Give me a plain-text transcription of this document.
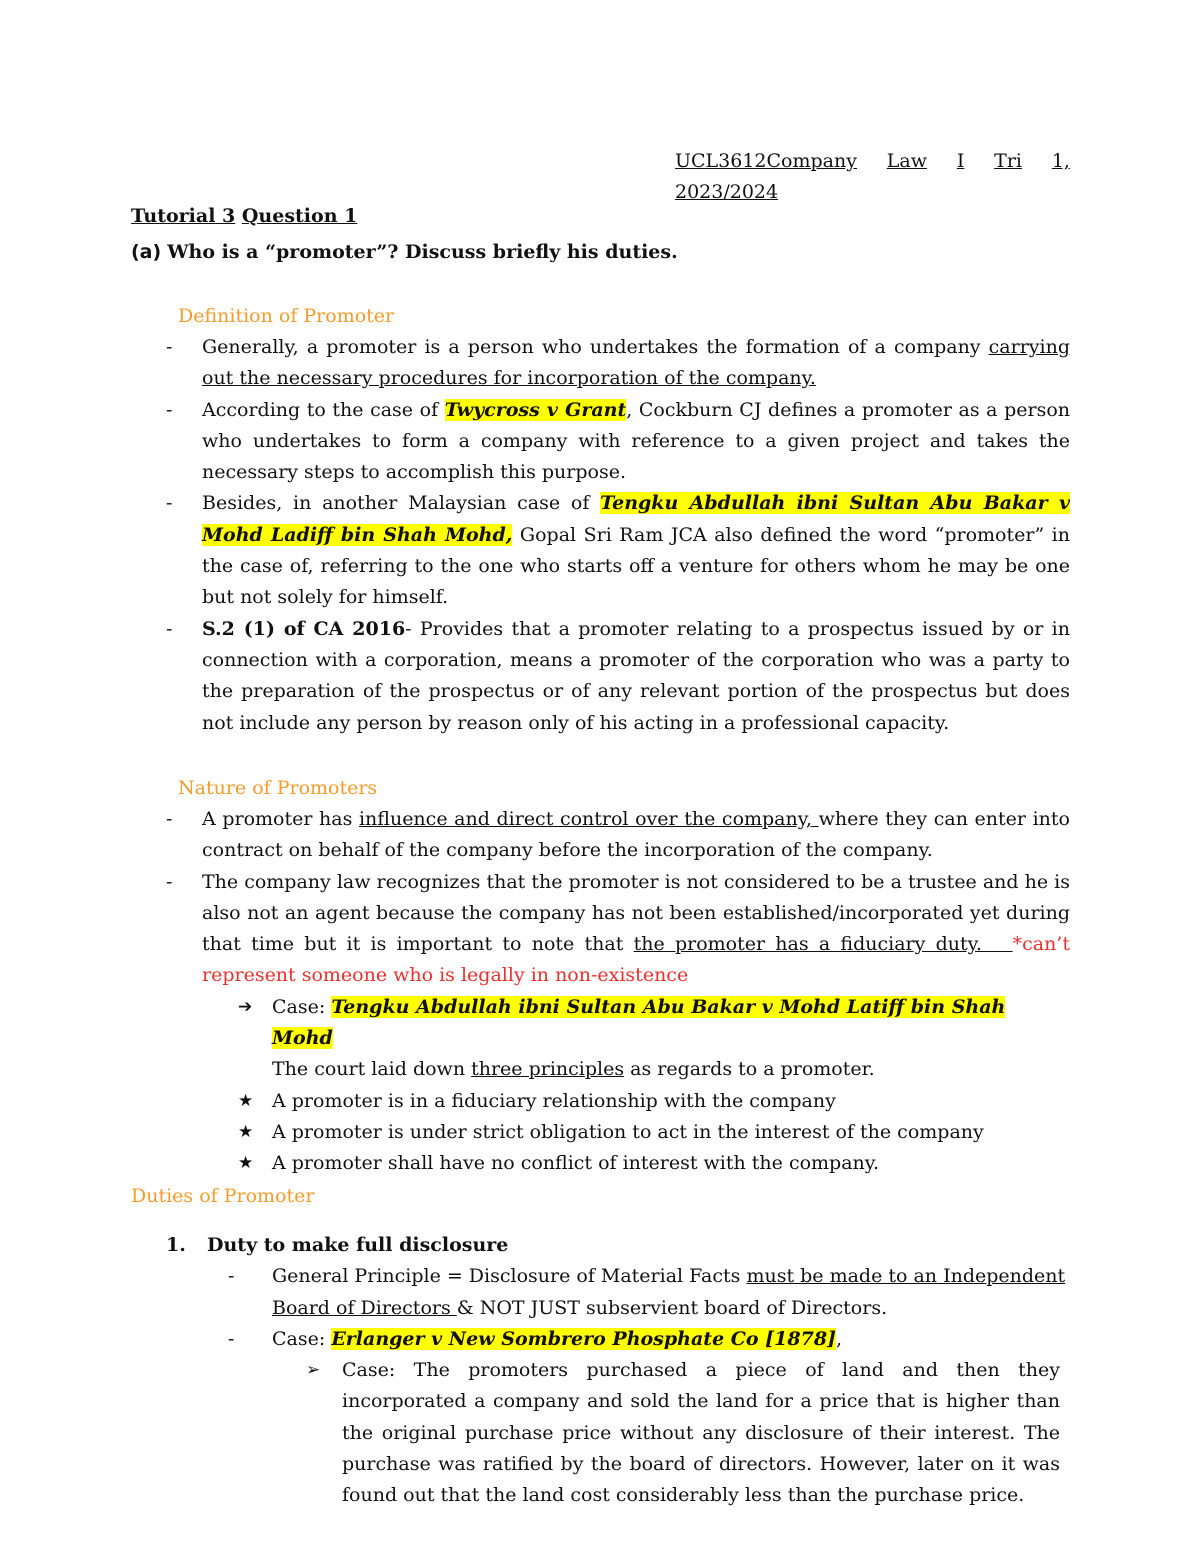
UCL3612Company Law I Tri 1,
2023/2024
Tutorial 3 Question 1
(a) Who is a “promoter”? Discuss briefly his duties.
Definition of Promoter
- Generally, a promoter is a person who undertakes the formation of a company carrying out the necessary procedures for incorporation of the company.
- According to the case of Twycross v Grant, Cockburn CJ defines a promoter as a person who undertakes to form a company with reference to a given project and takes the necessary steps to accomplish this purpose.
- Besides, in another Malaysian case of Tengku Abdullah ibni Sultan Abu Bakar v Mohd Ladiff bin Shah Mohd, Gopal Sri Ram JCA also defined the word “promoter” in the case of, referring to the one who starts off a venture for others whom he may be one but not solely for himself.
- S.2 (1) of CA 2016- Provides that a promoter relating to a prospectus issued by or in connection with a corporation, means a promoter of the corporation who was a party to the preparation of the prospectus or of any relevant portion of the prospectus but does not include any person by reason only of his acting in a professional capacity.
Nature of Promoters
- A promoter has influence and direct control over the company, where they can enter into contract on behalf of the company before the incorporation of the company.
- The company law recognizes that the promoter is not considered to be a trustee and he is also not an agent because the company has not been established/incorporated yet during that time but it is important to note that the promoter has a fiduciary duty.   *can’t represent someone who is legally in non-existence
➔ Case: Tengku Abdullah ibni Sultan Abu Bakar v Mohd Latiff bin Shah Mohd
The court laid down three principles as regards to a promoter.
★ A promoter is in a fiduciary relationship with the company
★ A promoter is under strict obligation to act in the interest of the company
★ A promoter shall have no conflict of interest with the company.
Duties of Promoter
1. Duty to make full disclosure
- General Principle = Disclosure of Material Facts must be made to an Independent Board of Directors & NOT JUST subservient board of Directors.
- Case: Erlanger v New Sombrero Phosphate Co [1878],
➢ Case: The promoters purchased a piece of land and then they incorporated a company and sold the land for a price that is higher than the original purchase price without any disclosure of their interest. The purchase was ratified by the board of directors. However, later on it was found out that the land cost considerably less than the purchase price.
